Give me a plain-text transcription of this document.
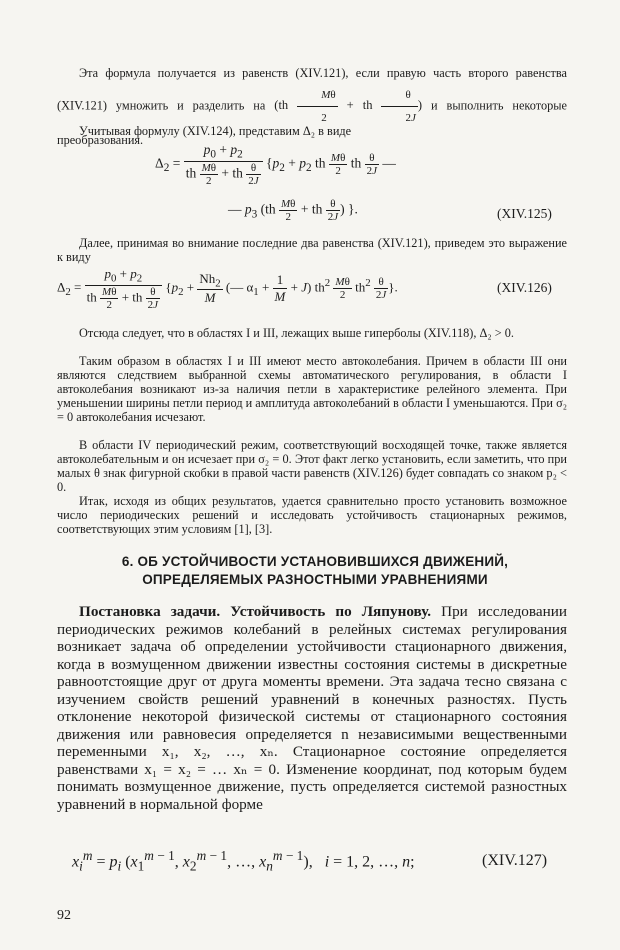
Эта формула получается из равенств (XIV.121), если правую часть второго равенства (XIV.121) умножить и разделить на ($th \frac{M\theta}{2}$ + th $\frac{\theta}{2J}$ ) и выполнить некоторые преобразования.

Учитывая формулу (XIV.124), представим Δ₂ в виде

$\Delta_2 = \frac{p_0 + p_2}{th \frac{M\theta}{2} + th \frac{\theta}{2J}} \{p_2 + p_2$ th $\frac{M\theta}{2}$ th $\frac{\theta}{2J}$ —
— $p_3$ ($th \frac{M\theta}{2}$ + th $\frac{\theta}{2J}$ ) }.	(XIV.125)

Далее, принимая во внимание последние два равенства (XIV.121), приведем это выражение к виду

$\Delta_2 = \frac{p_0 + p_2}{th \frac{M\theta}{2} + th \frac{\theta}{2J}} \{p_2 + \frac{Nh_2}{M}$ (— $\alpha_1 + \frac{1}{M} + J$) $th^2 \frac{M\theta}{2} th^2 \frac{\theta}{2J}$ }.	(XIV.126)

Отсюда следует, что в областях I и III, лежащих выше гиперболы (XIV.118), Δ₂ > 0.

Таким образом в областях I и III имеют место автоколебания. Причем в области III они являются следствием выбранной схемы автоматического регулирования, в области I автоколебания возникают из-за наличия петли в характеристике релейного элемента. При уменьшении ширины петли период и амплитуда автоколебаний в области I уменьшаются. При σ₂ = 0 автоколебания исчезают.

В области IV периодический режим, соответствующий восходящей точке, также является автоколебательным и он исчезает при σ₂ = 0. Этот факт легко установить, если заметить, что при малых θ знак фигурной скобки в правой части равенств (XIV.126) будет совпадать со знаком p₂ < 0.

Итак, исходя из общих результатов, удается сравнительно просто установить возможное число периодических решений и исследовать устойчивость стационарных режимов, соответствующих этим условиям [1], [3].

6. ОБ УСТОЙЧИВОСТИ УСТАНОВИВШИХСЯ ДВИЖЕНИЙ,
ОПРЕДЕЛЯЕМЫХ РАЗНОСТНЫМИ УРАВНЕНИЯМИ

Постановка задачи. Устойчивость по Ляпунову. При исследовании периодических режимов колебаний в релейных системах регулирования возникает задача об определении устойчивости стационарного движения, когда в возмущенном движении известны состояния системы в дискретные равноотстоящие друг от друга моменты времени. Эта задача тесно связана с изучением свойств решений уравнений в конечных разностях. Пусть отклонение некоторой физической системы от стационарного состояния движения или равновесия определяется n независимыми вещественными переменными x₁, x₂, …, xₙ. Стационарное состояние определяется равенствами x₁ = x₂ = … xₙ = 0. Изменение координат, под которым будем понимать возмущенное движение, пусть определяется системой разностных уравнений в нормальной форме

$x_i^m = p_i$ ($x_1^{m - 1}$, $x_2^{m - 1}$, …, $x_n^{m - 1}$),   i = 1, 2, …, n;	(XIV.127)
92
